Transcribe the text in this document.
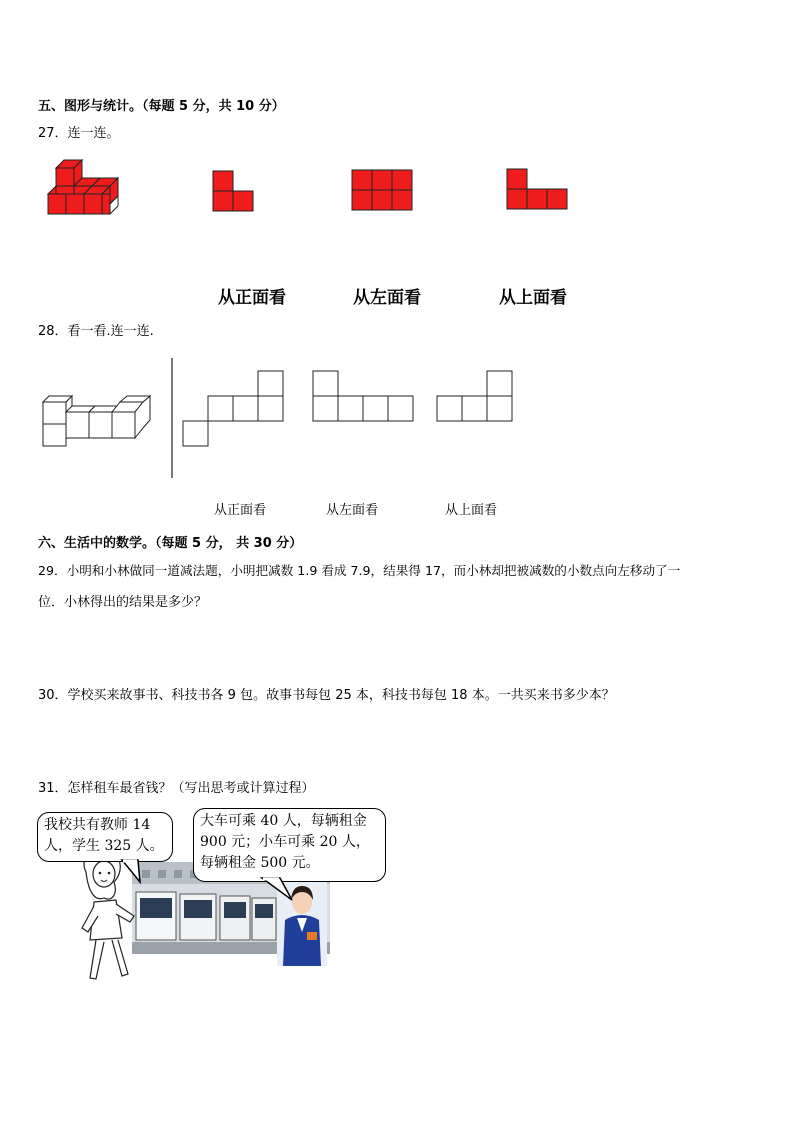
五、图形与统计。（每题 5 分，共 10 分）
27．连一连。
从正面看	从左面看	从上面看
28．看一看.连一连.
从正面看	从左面看	从上面看
六、生活中的数学。（每题 5 分， 共 30 分）
29．小明和小林做同一道减法题，小明把减数 1.9 看成 7.9，结果得 17，而小林却把被减数的小数点向左移动了一
位．小林得出的结果是多少？
30．学校买来故事书、科技书各 9 包。故事书每包 25 本，科技书每包 18 本。一共买来书多少本？
31．怎样租车最省钱？（写出思考或计算过程）
我校共有教师 14
人，学生 325 人。
大车可乘 40 人，每辆租金
900 元；小车可乘 20 人，
每辆租金 500 元。
